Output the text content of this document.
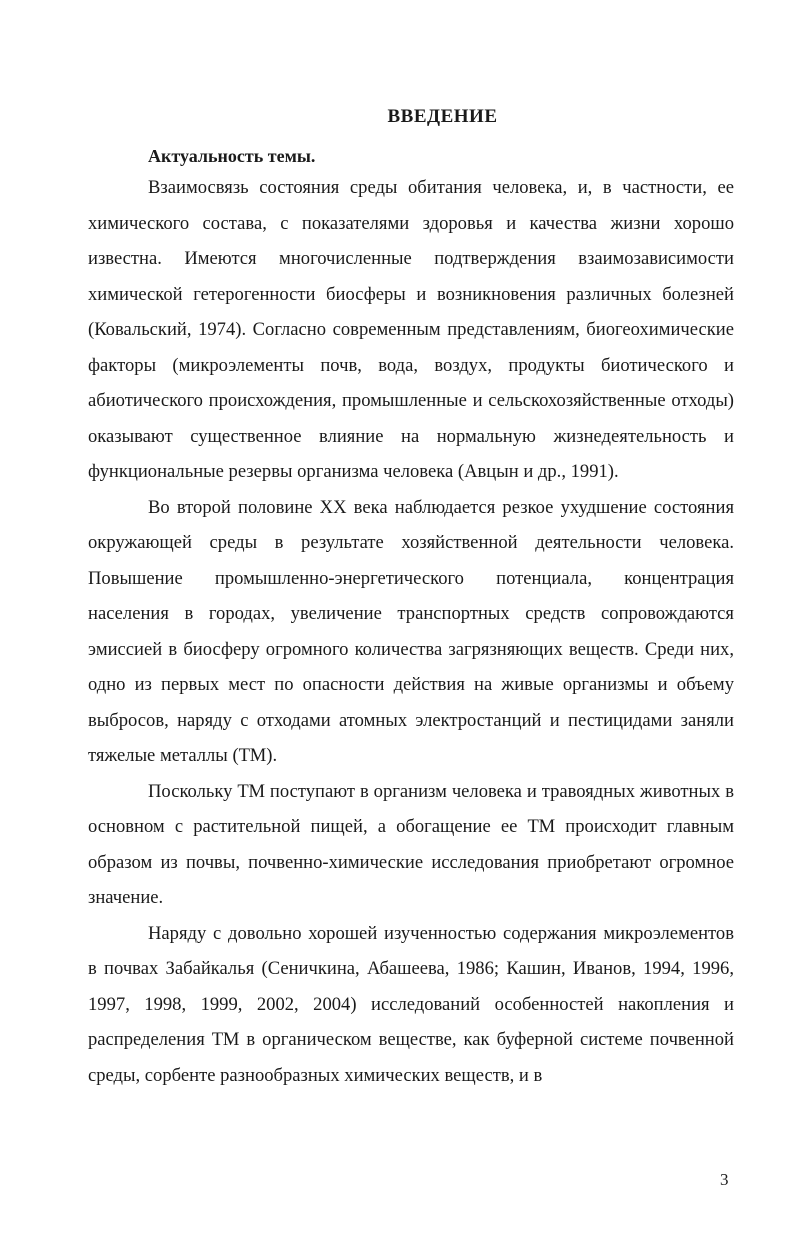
ВВЕДЕНИЕ
Актуальность темы.

Взаимосвязь состояния среды обитания человека, и, в частности, ее химического состава, с показателями здоровья и качества жизни хорошо известна. Имеются многочисленные подтверждения взаимозависимости химической гетерогенности биосферы и возникновения различных болезней (Ковальский, 1974). Согласно современным представлениям, биогеохимические факторы (микроэлементы почв, вода, воздух, продукты биотического и абиотического происхождения, промышленные и сельскохозяйственные отходы) оказывают существенное влияние на нормальную жизнедеятельность и функциональные резервы организма человека (Авцын и др., 1991).

Во второй половине XX века наблюдается резкое ухудшение состояния окружающей среды в результате хозяйственной деятельности человека. Повышение промышленно-энергетического потенциала, концентрация населения в городах, увеличение транспортных средств сопровождаются эмиссией в биосферу огромного количества загрязняющих веществ. Среди них, одно из первых мест по опасности действия на живые организмы и объему выбросов, наряду с отходами атомных электростанций и пестицидами заняли тяжелые металлы (ТМ).

Поскольку ТМ поступают в организм человека и травоядных животных в основном с растительной пищей, а обогащение ее ТМ происходит главным образом из почвы, почвенно-химические исследования приобретают огромное значение.

Наряду с довольно хорошей изученностью содержания микроэлементов в почвах Забайкалья (Сеничкина, Абашеева, 1986; Кашин, Иванов, 1994, 1996, 1997, 1998, 1999, 2002, 2004) исследований особенностей накопления и распределения ТМ в органическом веществе, как буферной системе почвенной среды, сорбенте разнообразных химических веществ, и в

3
